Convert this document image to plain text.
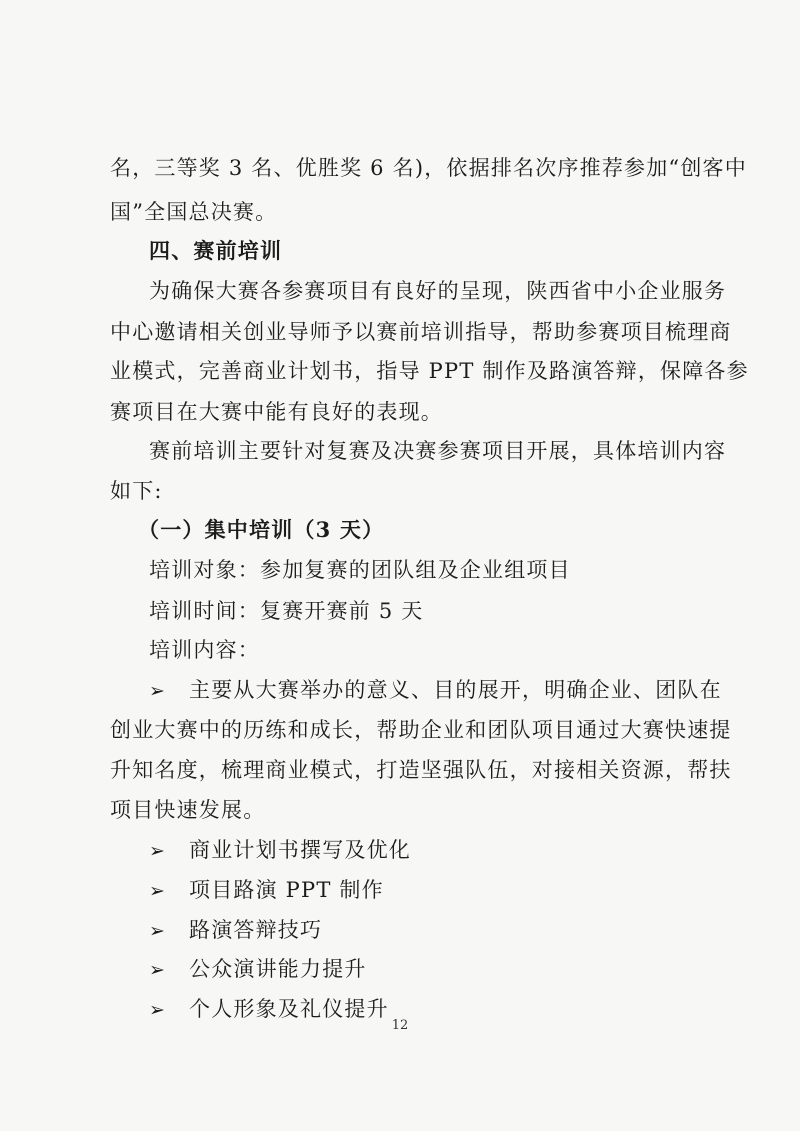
名，三等奖 3 名、优胜奖 6 名)，依据排名次序推荐参加“创客中
国”全国总决赛。
四、赛前培训
为确保大赛各参赛项目有良好的呈现，陕西省中小企业服务
中心邀请相关创业导师予以赛前培训指导，帮助参赛项目梳理商
业模式，完善商业计划书，指导 PPT 制作及路演答辩，保障各参
赛项目在大赛中能有良好的表现。
赛前培训主要针对复赛及决赛参赛项目开展，具体培训内容
如下:
（一）集中培训（3 天）
培训对象：参加复赛的团队组及企业组项目
培训时间：复赛开赛前 5 天
培训内容：
➢ 主要从大赛举办的意义、目的展开，明确企业、团队在
创业大赛中的历练和成长，帮助企业和团队项目通过大赛快速提
升知名度，梳理商业模式，打造坚强队伍，对接相关资源，帮扶
项目快速发展。
➢ 商业计划书撰写及优化
➢ 项目路演 PPT 制作
➢ 路演答辩技巧
➢ 公众演讲能力提升
➢ 个人形象及礼仪提升
12
